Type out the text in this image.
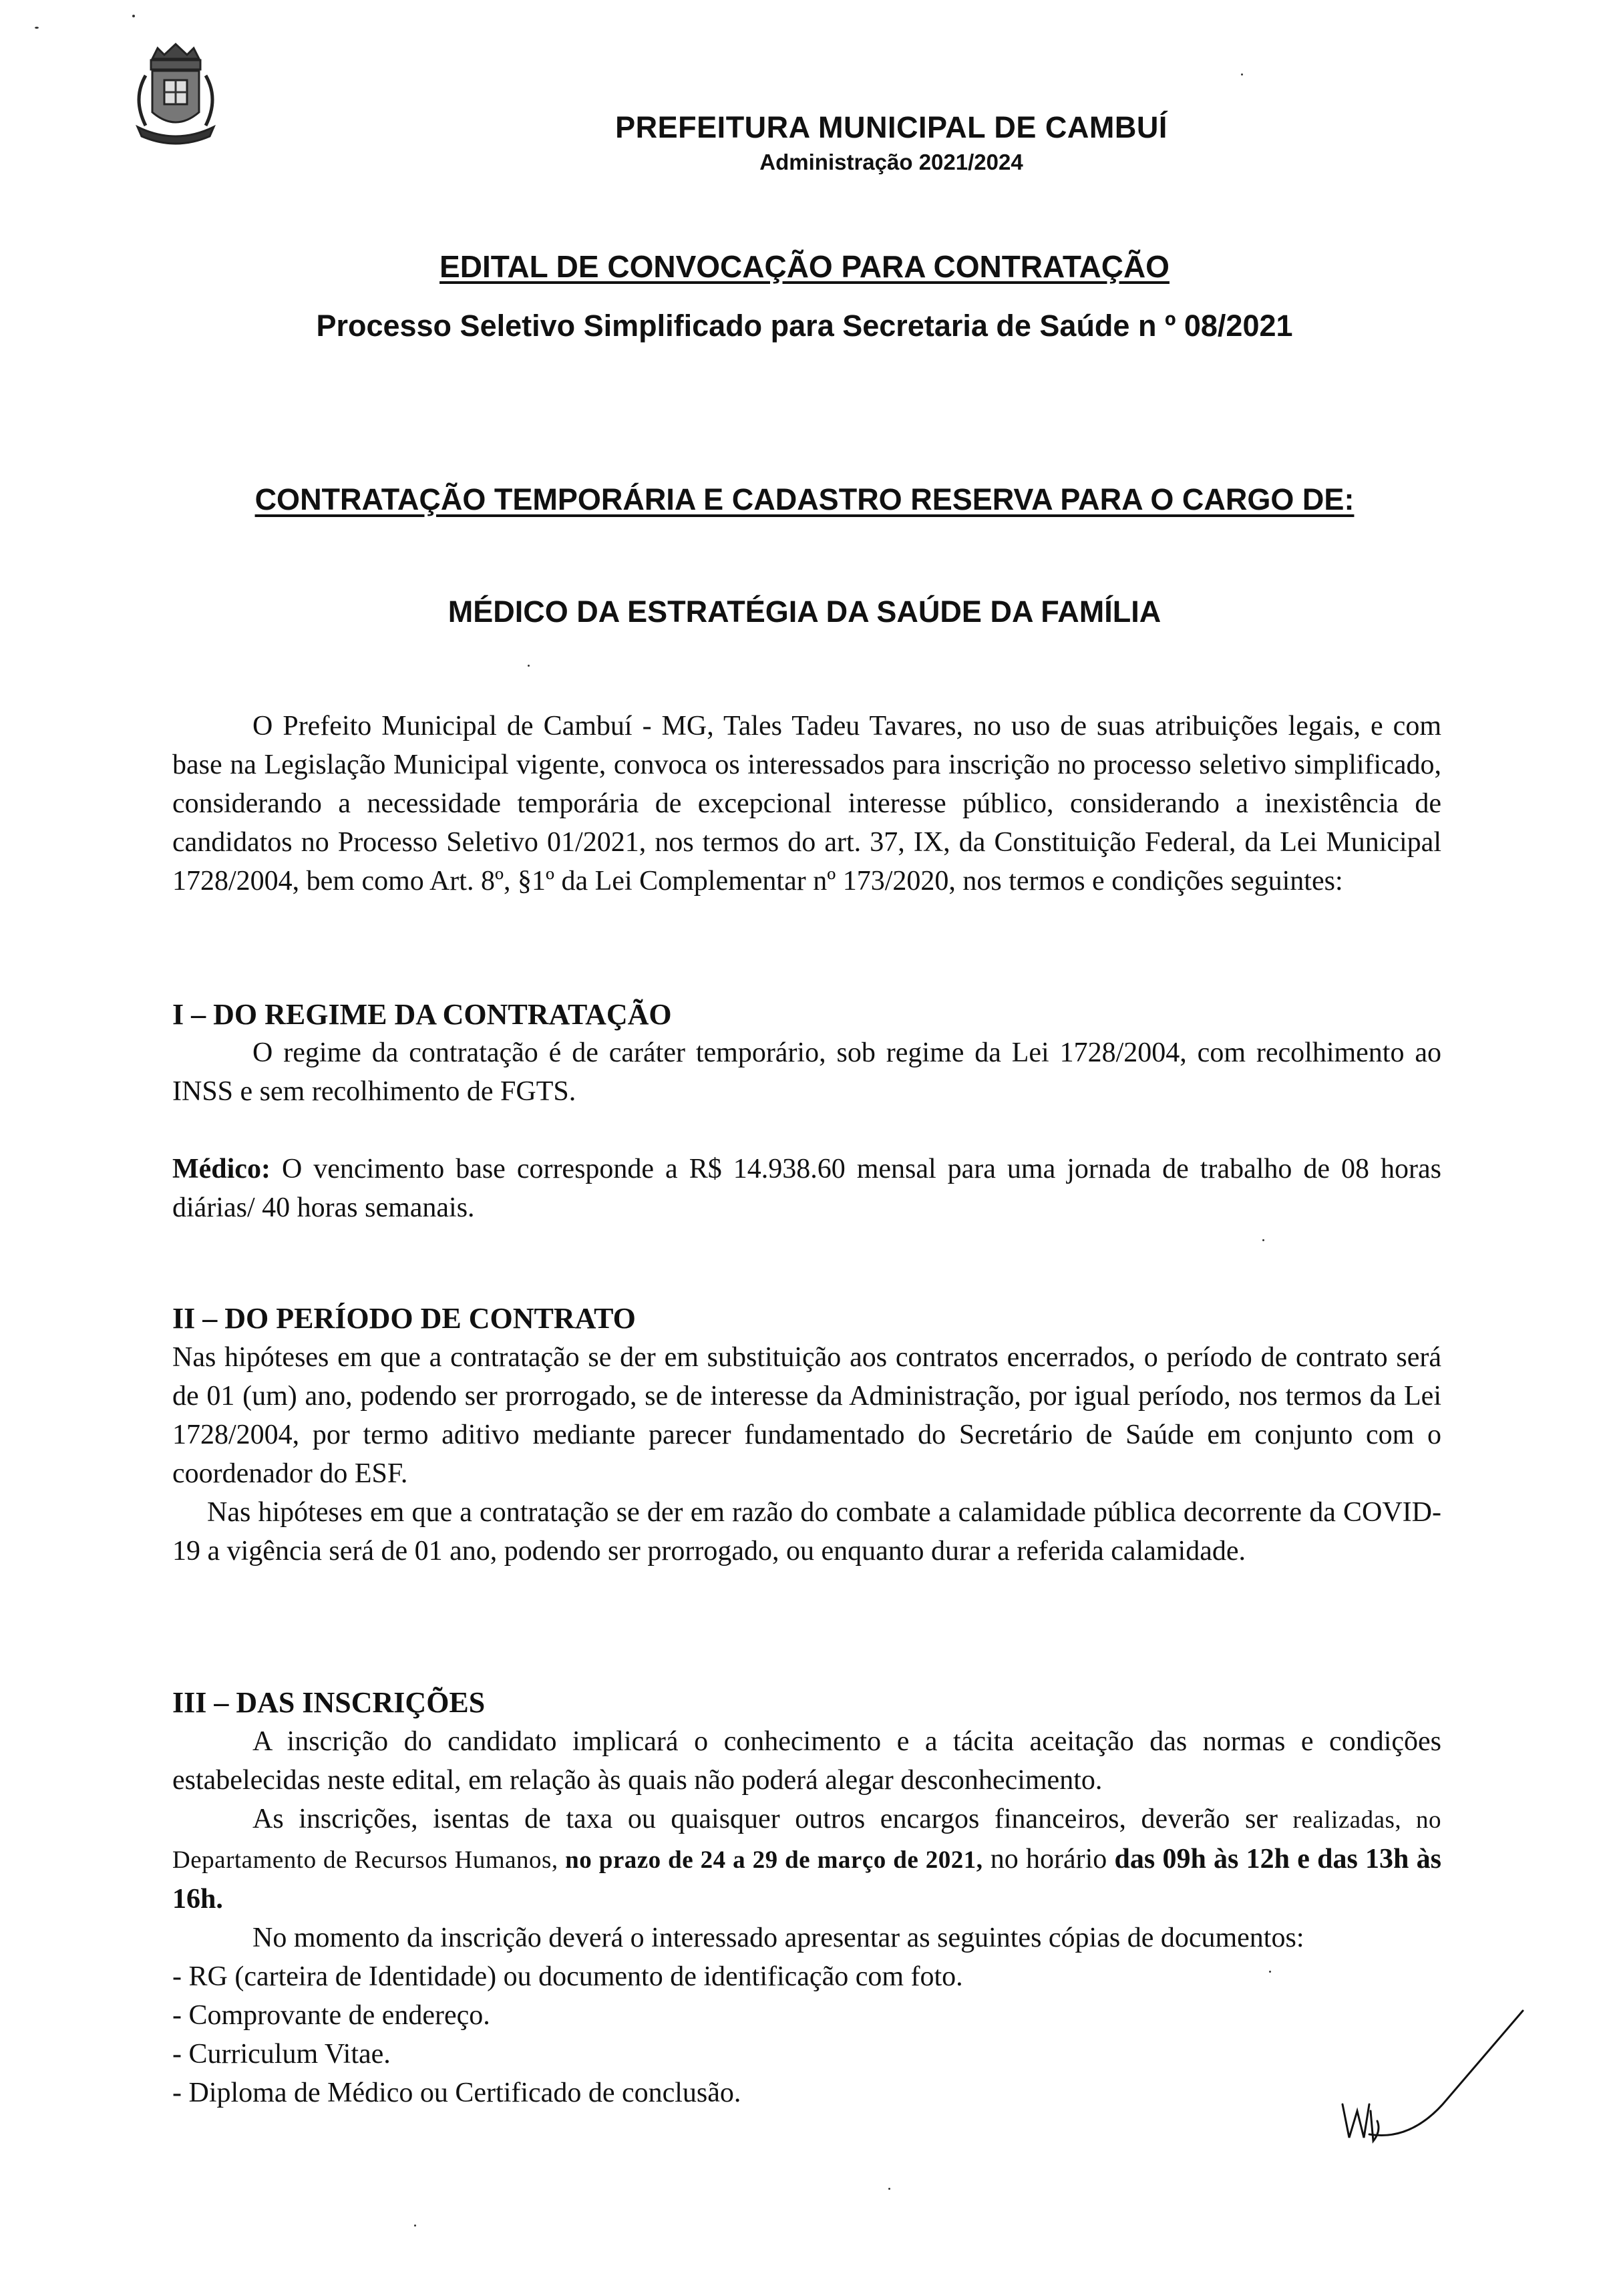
PREFEITURA MUNICIPAL DE CAMBUÍ
Administração 2021/2024
EDITAL DE CONVOCAÇÃO PARA CONTRATAÇÃO
Processo Seletivo Simplificado para Secretaria de Saúde n º 08/2021
CONTRATAÇÃO TEMPORÁRIA E CADASTRO RESERVA PARA O CARGO DE:
MÉDICO DA ESTRATÉGIA DA SAÚDE DA FAMÍLIA

O Prefeito Municipal de Cambuí - MG, Tales Tadeu Tavares, no uso de suas atribuições legais, e com base na Legislação Municipal vigente, convoca os interessados para inscrição no processo seletivo simplificado, considerando a necessidade temporária de excepcional interesse público, considerando a inexistência de candidatos no Processo Seletivo 01/2021, nos termos do art. 37, IX, da Constituição Federal, da Lei Municipal 1728/2004, bem como Art. 8º, §1º da Lei Complementar nº 173/2020, nos termos e condições seguintes:

I – DO REGIME DA CONTRATAÇÃO

O regime da contratação é de caráter temporário, sob regime da Lei 1728/2004, com recolhimento ao INSS e sem recolhimento de FGTS.

Médico: O vencimento base corresponde a R$ 14.938.60 mensal para uma jornada de trabalho de 08 horas diárias/ 40 horas semanais.

II – DO PERÍODO DE CONTRATO

Nas hipóteses em que a contratação se der em substituição aos contratos encerrados, o período de contrato será de 01 (um) ano, podendo ser prorrogado, se de interesse da Administração, por igual período, nos termos da Lei 1728/2004, por termo aditivo mediante parecer fundamentado do Secretário de Saúde em conjunto com o coordenador do ESF.

Nas hipóteses em que a contratação se der em razão do combate a calamidade pública decorrente da COVID-19 a vigência será de 01 ano, podendo ser prorrogado, ou enquanto durar a referida calamidade.

III – DAS INSCRIÇÕES

A inscrição do candidato implicará o conhecimento e a tácita aceitação das normas e condições estabelecidas neste edital, em relação às quais não poderá alegar desconhecimento.

As inscrições, isentas de taxa ou quaisquer outros encargos financeiros, deverão ser realizadas, no Departamento de Recursos Humanos, no prazo de 24 a 29 de março de 2021, no horário das 09h às 12h e das 13h às 16h.

No momento da inscrição deverá o interessado apresentar as seguintes cópias de documentos:

- RG (carteira de Identidade) ou documento de identificação com foto.

- Comprovante de endereço.

- Curriculum Vitae.

- Diploma de Médico ou Certificado de conclusão.
